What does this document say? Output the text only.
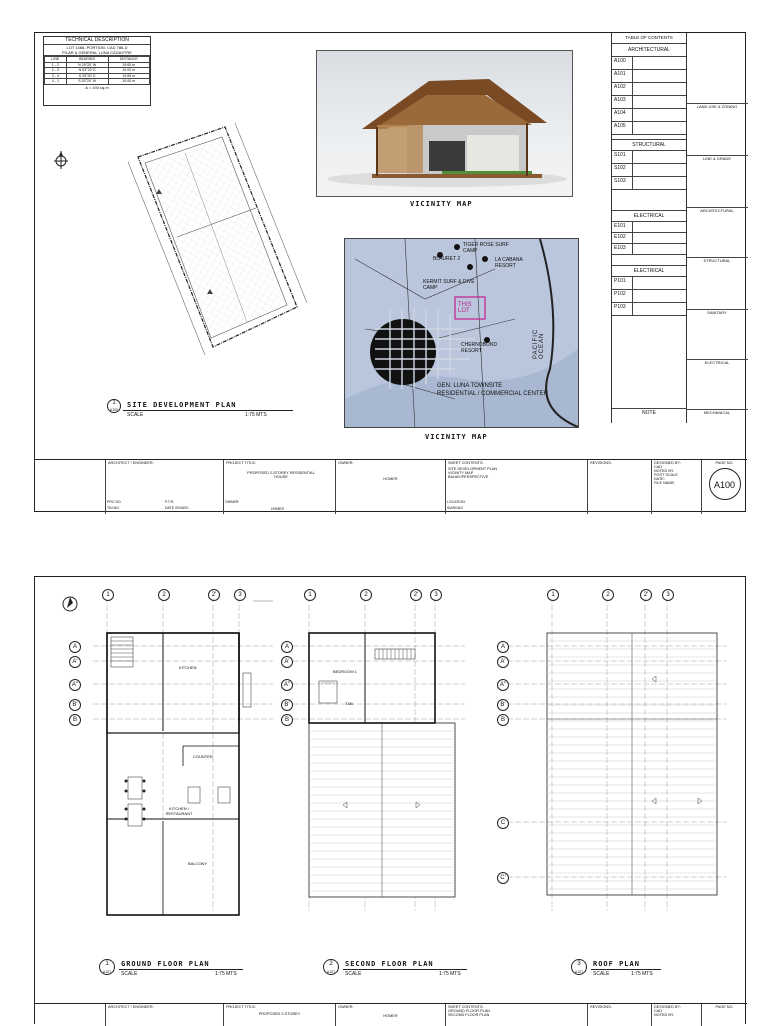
TECHNICAL DESCRIPTION
LOT 1486- PORTION, CAD 786-D
PILAR & GENERAL LUNA CADASTRE
LINE	BEARING	DISTANCE
1 - 2	N 29°20' W	19.65 m
2 - 3	N 53°20' E	10.00 m
3 - 4	S 29°20' E	19.65 m
4 - 1	S 53°20' W	10.00 m
A = 193 sq.m
1
A100
SITE DEVELOPMENT PLAN
SCALE	1:75 MTS
VICINITY MAP
TIGER ROSE SURF CAMP
BLAURET 2
KERMIT SURF & DIVE CAMP
LA CABANA RESORT
THIS LOT
CHERNOBOND RESORT
GEN. LUNA TOWNSITE
RESIDENTIAL / COMMERCIAL CENTER
PACIFIC OCEAN
VICINITY MAP
TABLE OF CONTENTS
ARCHITECTURAL
A100
A101
A102
A103
A104
A105
STRUCTURAL
S101
S102
S103
ELECTRICAL
E101
E102
E103
ELECTRICAL
P101
P102
P103
NOTE
LAND USE & ZONING
LINE & GRADE
ARCHITECTURAL
STRUCTURAL
SANITARY
ELECTRICAL
MECHANICAL
ARCHITECT / ENGINEER:	PROJECT TITLE:
PROPOSED 2-STOREY RESIDENTIAL HOUSE
OWNER:
HOMER
SHEET CONTENTS:
SITE DEVELOPMENT PLAN
VICINITY MAP
BAHAY/PERSPECTIVE
REVISIONS:	DESIGNED BY:
CAD
NOTED BY:
POST SCALE
DATE:
FILE NAME:
PAGE NO.
A100
PRC NO.	P.T.R.
TIN NO.	DATE ISSUED:
OWNER:
HOMER
LOCATION:
SIARGAO
KITCHEN
COUNTER
KITCHEN / RESTAURANT
BALCONY
BEDROOM 1
T&B
1	2	2'	3	1	2	2'	3	1	2	2'	3
A
A'
A"
B'
B
A
A'
A"
B'
B
A
A'
A"
B'
B
C
C'
1
A101
GROUND FLOOR PLAN
SCALE	1:75 MTS
2
A101
SECOND FLOOR PLAN
SCALE	1:75 MTS
3
A101
ROOF PLAN
SCALE	1:75 MTS
ARCHITECT / ENGINEER:	PROJECT TITLE:
PROPOSED 2-STOREY
OWNER:
HOMER
SHEET CONTENTS:
GROUND FLOOR PLAN
SECOND FLOOR PLAN
REVISIONS:	DESIGNED BY:
CAD
NOTED BY:
PAGE NO.
